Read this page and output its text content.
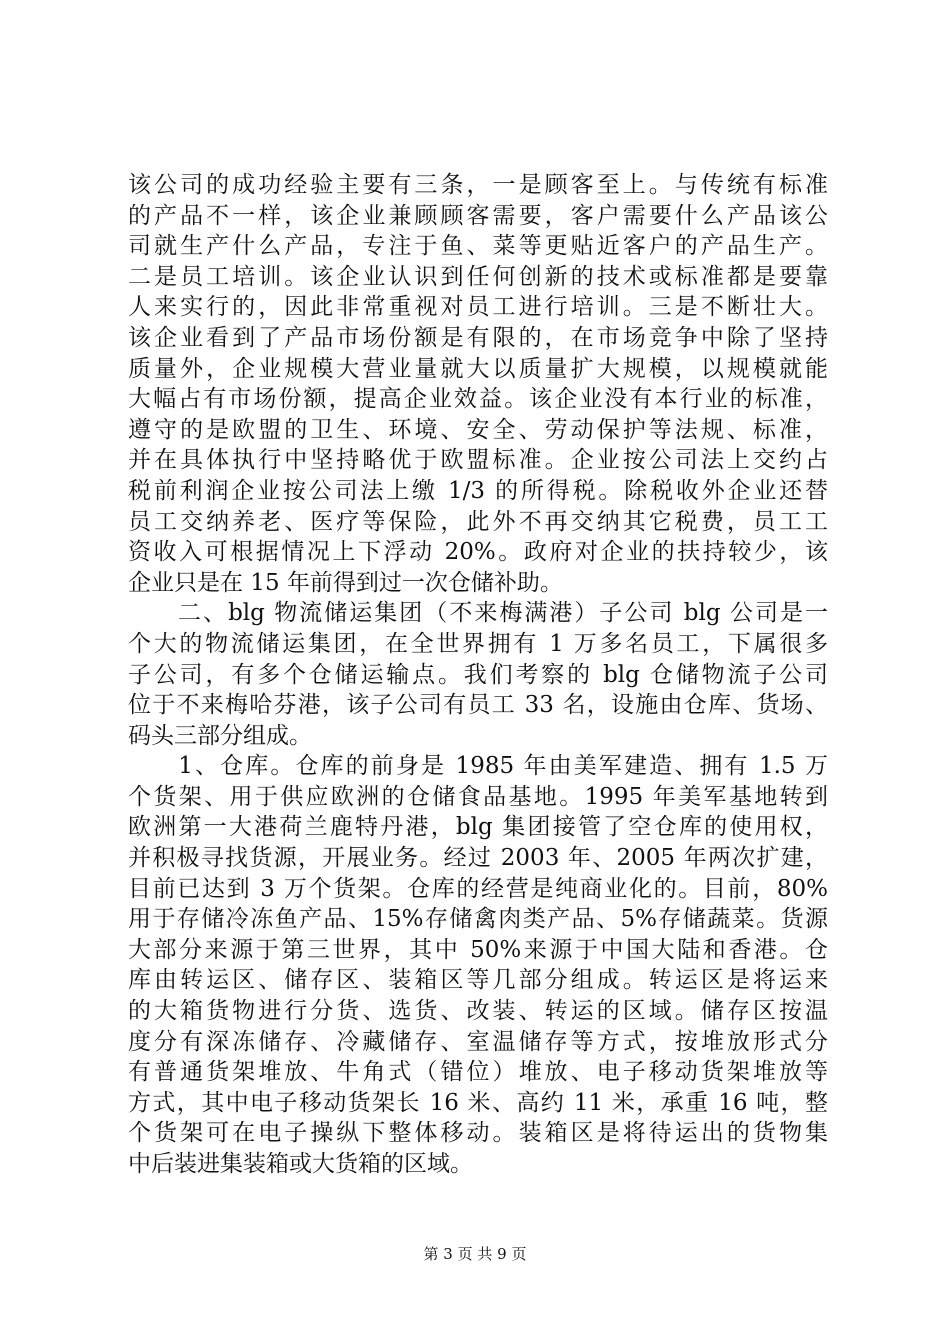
该公司的成功经验主要有三条，一是顾客至上。与传统有标准
的产品不一样，该企业兼顾顾客需要，客户需要什么产品该公
司就生产什么产品，专注于鱼、菜等更贴近客户的产品生产。
二是员工培训。该企业认识到任何创新的技术或标准都是要靠
人来实行的，因此非常重视对员工进行培训。三是不断壮大。
该企业看到了产品市场份额是有限的，在市场竞争中除了坚持
质量外，企业规模大营业量就大以质量扩大规模，以规模就能
大幅占有市场份额，提高企业效益。该企业没有本行业的标准，
遵守的是欧盟的卫生、环境、安全、劳动保护等法规、标准，
并在具体执行中坚持略优于欧盟标准。企业按公司法上交约占
税前利润企业按公司法上缴 1/3 的所得税。除税收外企业还替
员工交纳养老、医疗等保险，此外不再交纳其它税费，员工工
资收入可根据情况上下浮动 20%。政府对企业的扶持较少，该
企业只是在 15 年前得到过一次仓储补助。
　　二、blg 物流储运集团（不来梅满港）子公司 blg 公司是一
个大的物流储运集团，在全世界拥有 1 万多名员工，下属很多
子公司，有多个仓储运输点。我们考察的 blg 仓储物流子公司
位于不来梅哈芬港，该子公司有员工 33 名，设施由仓库、货场、
码头三部分组成。
　　1、仓库。仓库的前身是 1985 年由美军建造、拥有 1.5 万
个货架、用于供应欧洲的仓储食品基地。1995 年美军基地转到
欧洲第一大港荷兰鹿特丹港，blg 集团接管了空仓库的使用权，
并积极寻找货源，开展业务。经过 2003 年、2005 年两次扩建，
目前已达到 3 万个货架。仓库的经营是纯商业化的。目前，80%
用于存储冷冻鱼产品、15%存储禽肉类产品、5%存储蔬菜。货源
大部分来源于第三世界，其中 50%来源于中国大陆和香港。仓
库由转运区、储存区、装箱区等几部分组成。转运区是将运来
的大箱货物进行分货、选货、改装、转运的区域。储存区按温
度分有深冻储存、冷藏储存、室温储存等方式，按堆放形式分
有普通货架堆放、牛角式（错位）堆放、电子移动货架堆放等
方式，其中电子移动货架长 16 米、高约 11 米，承重 16 吨，整
个货架可在电子操纵下整体移动。装箱区是将待运出的货物集
中后装进集装箱或大货箱的区域。
第 3 页 共 9 页
